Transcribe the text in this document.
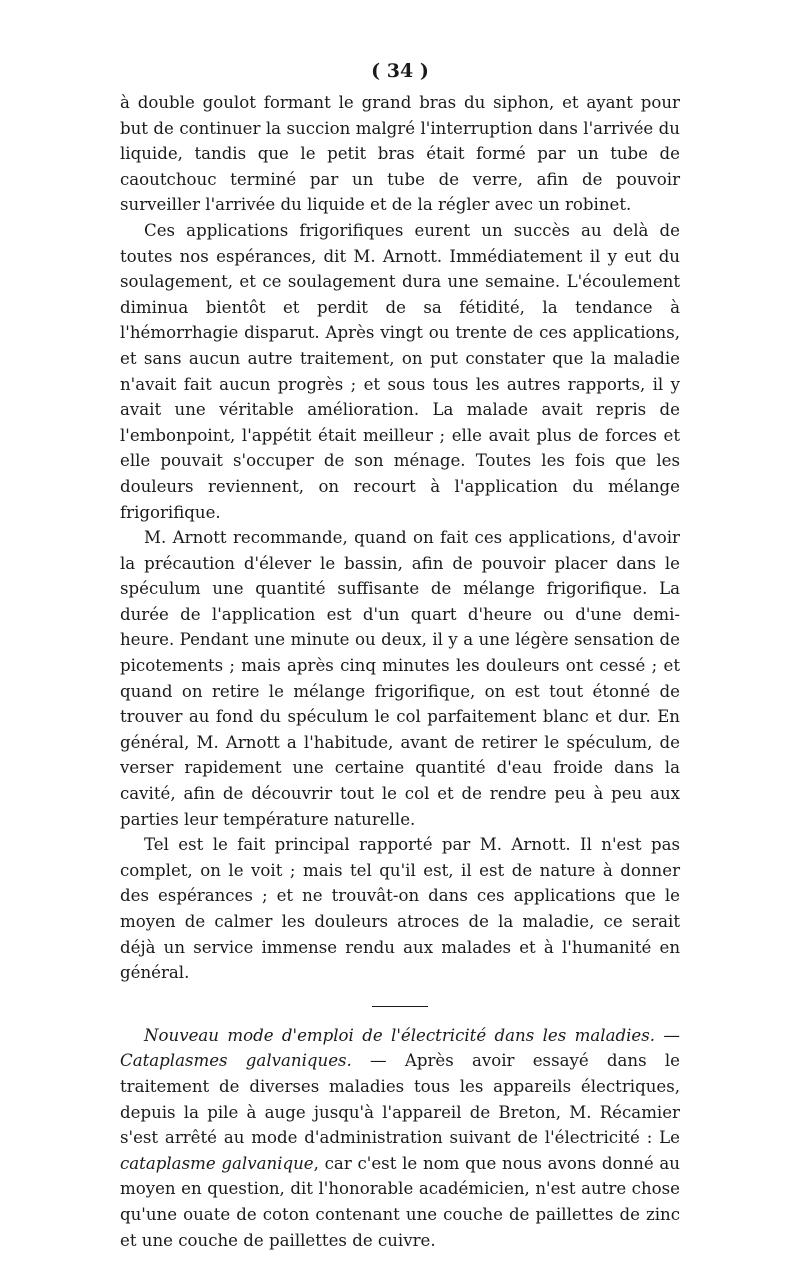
( 34 )

à double goulot formant le grand bras du siphon, et ayant pour but de continuer la succion malgré l'interruption dans l'arrivée du liquide, tandis que le petit bras était formé par un tube de caoutchouc terminé par un tube de verre, afin de pouvoir surveiller l'arrivée du liquide et de la régler avec un robinet.

Ces applications frigorifiques eurent un succès au delà de toutes nos espérances, dit M. Arnott. Immédiatement il y eut du soulagement, et ce soulagement dura une semaine. L'écoulement diminua bientôt et perdit de sa fétidité, la tendance à l'hémorrhagie disparut. Après vingt ou trente de ces applications, et sans aucun autre traitement, on put constater que la maladie n'avait fait aucun progrès ; et sous tous les autres rapports, il y avait une véritable amélioration. La malade avait repris de l'embonpoint, l'appétit était meilleur ; elle avait plus de forces et elle pouvait s'occuper de son ménage. Toutes les fois que les douleurs reviennent, on recourt à l'application du mélange frigorifique.

M. Arnott recommande, quand on fait ces applications, d'avoir la précaution d'élever le bassin, afin de pouvoir placer dans le spéculum une quantité suffisante de mélange frigorifique. La durée de l'application est d'un quart d'heure ou d'une demi-heure. Pendant une minute ou deux, il y a une légère sensation de picotements ; mais après cinq minutes les douleurs ont cessé ; et quand on retire le mélange frigorifique, on est tout étonné de trouver au fond du spéculum le col parfaitement blanc et dur. En général, M. Arnott a l'habitude, avant de retirer le spéculum, de verser rapidement une certaine quantité d'eau froide dans la cavité, afin de découvrir tout le col et de rendre peu à peu aux parties leur température naturelle.

Tel est le fait principal rapporté par M. Arnott. Il n'est pas complet, on le voit ; mais tel qu'il est, il est de nature à donner des espérances ; et ne trouvât-on dans ces applications que le moyen de calmer les douleurs atroces de la maladie, ce serait déjà un service immense rendu aux malades et à l'humanité en général.

Nouveau mode d'emploi de l'électricité dans les maladies. — Cataplasmes galvaniques. — Après avoir essayé dans le traitement de diverses maladies tous les appareils électriques, depuis la pile à auge jusqu'à l'appareil de Breton, M. Récamier s'est arrêté au mode d'administration suivant de l'électricité : Le cataplasme galvanique, car c'est le nom que nous avons donné au moyen en question, dit l'honorable académicien, n'est autre chose qu'une ouate de coton contenant une couche de paillettes de zinc et une couche de paillettes de cuivre.
